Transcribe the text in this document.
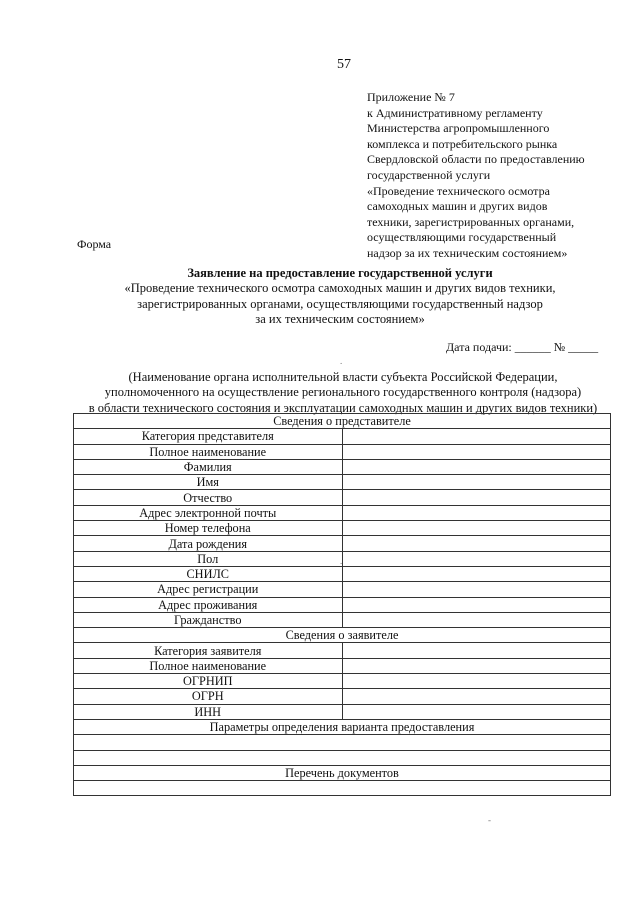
57
Приложение № 7
к Административному регламенту
Министерства агропромышленного
комплекса и потребительского рынка
Свердловской области по предоставлению
государственной услуги
«Проведение технического осмотра
самоходных машин и других видов
техники, зарегистрированных органами,
осуществляющими государственный
надзор за их техническим состоянием»
Форма
Заявление на предоставление государственной услуги
«Проведение технического осмотра самоходных машин и других видов техники,
зарегистрированных органами, осуществляющими государственный надзор
за их техническим состоянием»
Дата подачи: ______ № _____
(Наименование органа исполнительной власти субъекта Российской Федерации,
уполномоченного на осуществление регионального государственного контроля (надзора)
в области технического состояния и эксплуатации самоходных машин и других видов техники)
Сведения о представителе	
Категория представителя	
Полное наименование	
Фамилия	
Имя	
Отчество	
Адрес электронной почты	
Номер телефона	
Дата рождения	
Пол	
СНИЛС	
Адрес регистрации	
Адрес проживания	
Гражданство	
Сведения о заявителе	
Категория заявителя	
Полное наименование	
ОГРНИП	
ОГРН	
ИНН	
Параметры определения варианта предоставления	

Перечень документов	

.
.
-
